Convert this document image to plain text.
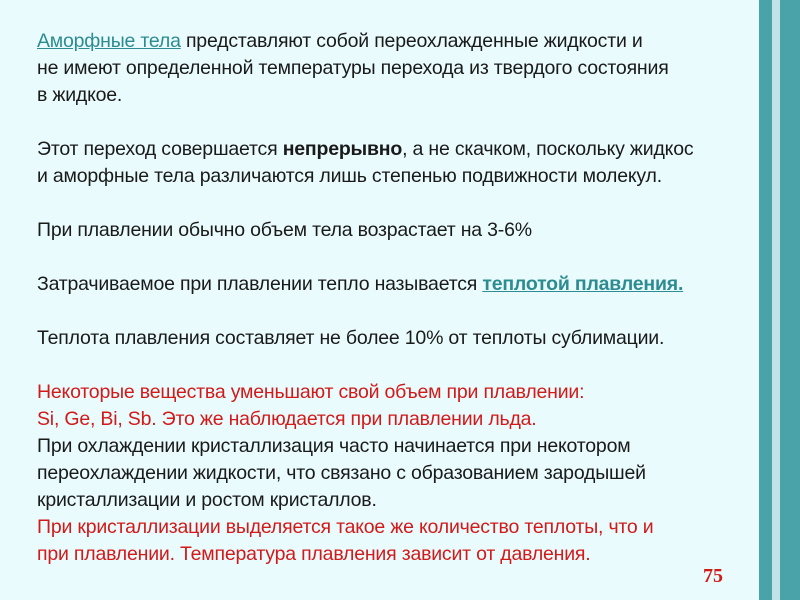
Аморфные тела представляют собой переохлажденные жидкости и

не имеют определенной температуры перехода из твердого состояния

в жидкое.

Этот переход совершается непрерывно, а не скачком, поскольку жидкос

и аморфные тела различаются лишь степенью подвижности молекул.

При плавлении обычно объем тела возрастает на 3-6%

Затрачиваемое при плавлении тепло называется теплотой плавления.

Теплота плавления составляет не более 10% от теплоты сублимации.

Некоторые вещества уменьшают свой объем при плавлении:

Si, Ge, Bi, Sb. Это же наблюдается при плавлении льда.

При охлаждении кристаллизация часто начинается при некотором

переохлаждении жидкости, что связано с образованием зародышей

кристаллизации и ростом кристаллов.

При кристаллизации выделяется такое же количество теплоты, что и

при плавлении. Температура плавления зависит от давления.

75
